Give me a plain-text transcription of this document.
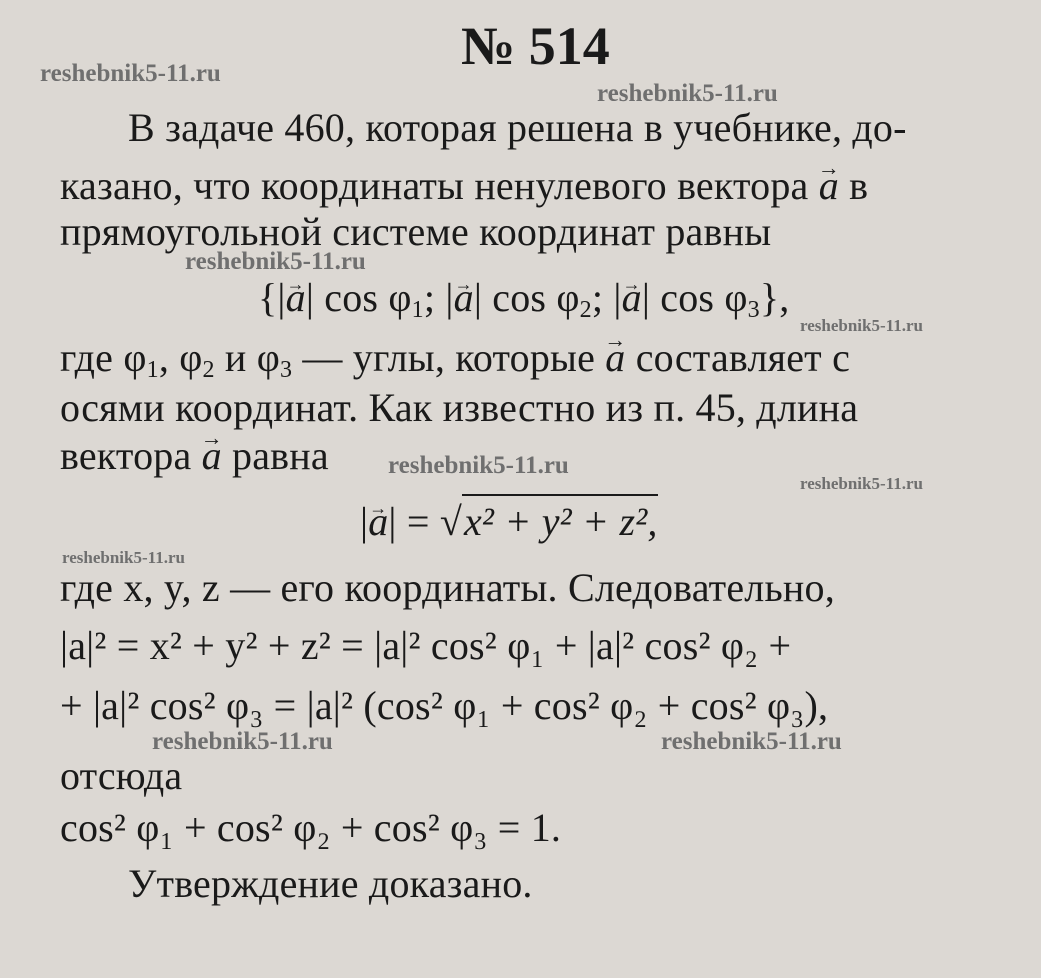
№ 514
reshebnik5-11.ru
reshebnik5-11.ru
reshebnik5-11.ru
reshebnik5-11.ru
reshebnik5-11.ru
reshebnik5-11.ru
reshebnik5-11.ru
reshebnik5-11.ru	reshebnik5-11.ru
В задаче 460, которая решена в учебнике, до-
казано, что координаты ненулевого вектора → a в
прямоугольной системе координат равны
{|→ a| $\cos \varphi_1$; |→ a| $\cos \varphi_2$; |→ a| $\cos \varphi_3$},
где $\varphi_1$, $\varphi_2$ и $\varphi_3$ — углы, которые → a составляет с
осями координат. Как известно из п. 45, длина
вектора → a равна
|→ a| = √x² + y² + z²,
где x, y, z — его координаты. Следовательно,
|a|² = x² + y² + z² = |a|² cos² φ₁ + |a|² cos² φ₂ +
+ |a|² cos² φ₃ = |a|² (cos² φ₁ + cos² φ₂ + cos² φ₃),
отсюда
cos² φ₁ + cos² φ₂ + cos² φ₃ = 1.
Утверждение доказано.
